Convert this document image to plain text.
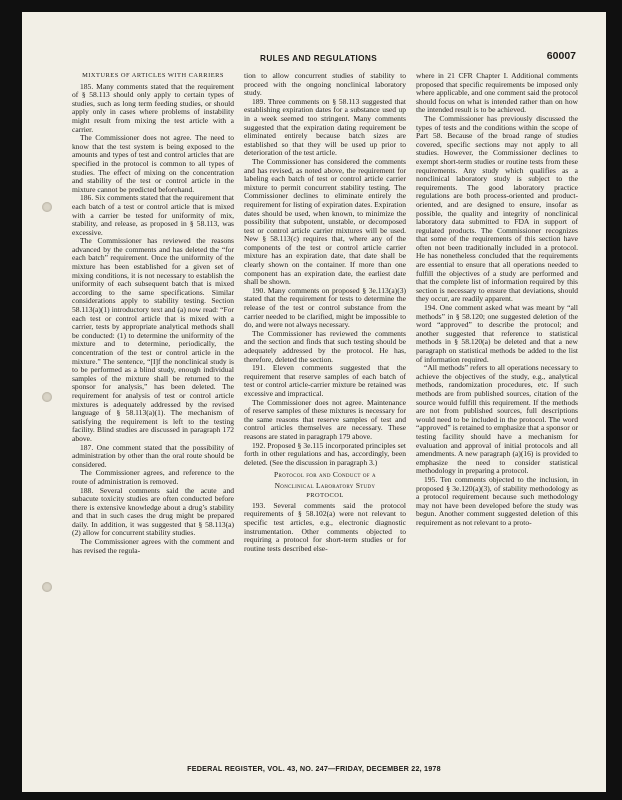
RULES AND REGULATIONS	60007
MIXTURES OF ARTICLES WITH CARRIERS

185. Many comments stated that the requirement of § 58.113 should only apply to certain types of studies, such as long term feeding studies, or should apply only in cases where problems of instability might result from mixing the test article with a carrier.

The Commissioner does not agree. The need to know that the test system is being exposed to the amounts and types of test and control articles that are specified in the protocol is common to all types of studies. The effect of mixing on the concentration and stability of the test or control article in the mixture cannot be predicted beforehand.

186. Six comments stated that the requirement that each batch of a test or control article that is mixed with a carrier be tested for uniformity of mix, stability, and release, as proposed in § 58.113, was excessive.

The Commissioner has reviewed the reasons advanced by the comments and has deleted the “for each batch” requirement. Once the uniformity of the mixture has been established for a given set of mixing conditions, it is not necessary to establish the uniformity of each subsequent batch that is mixed according to the same specifications. Similar considerations apply to stability testing. Section 58.113(a)(1) introductory text and (a) now read: “For each test or control article that is mixed with a carrier, tests by appropriate analytical methods shall be conducted: (1) to determine the uniformity of the mixture and to determine, periodically, the concentration of the test or control article in the mixture.” The sentence, “[I]f the nonclinical study is to be performed as a blind study, enough individual samples of the mixture shall be returned to the sponsor for analysis,” has been deleted. The requirement for analysis of test or control article mixtures is adequately addressed by the revised language of § 58.113(a)(1). The mechanism of satisfying the requirement is left to the testing facility. Blind studies are discussed in paragraph 172 above.

187. One comment stated that the possibility of administration by other than the oral route should be considered.

The Commissioner agrees, and reference to the route of administration is removed.

188. Several comments said the acute and subacute toxicity studies are often conducted before there is extensive knowledge about a drug’s stability and that in such cases the drug might be prepared daily. In addition, it was suggested that § 58.113(a)(2) allow for concurrent stability studies.

The Commissioner agrees with the comment and has revised the regula-

tion to allow concurrent studies of stability to proceed with the ongoing nonclinical laboratory study.

189. Three comments on § 58.113 suggested that establishing expiration dates for a substance used up in a week seemed too stringent. Many comments suggested that the expiration dating requirement be eliminated entirely because batch sizes are established so that they will be used up prior to deterioration of the test article.

The Commissioner has considered the comments and has revised, as noted above, the requirement for labeling each batch of test or control article carrier mixture to permit concurrent stability testing. The Commissioner declines to eliminate entirely the requirement for listing of expiration dates. Expiration dates should be used, when known, to minimize the possibility that subpotent, unstable, or decomposed test or control article carrier mixtures will be used. New § 58.113(c) requires that, where any of the components of the test or control article carrier mixture has an expiration date, that date shall be clearly shown on the container. If more than one component has an expiration date, the earliest date shall be shown.

190. Many comments on proposed § 3e.113(a)(3) stated that the requirement for tests to determine the release of the test or control substance from the carrier needed to be clarified, might be impossible to do, and were not always necessary.

The Commissioner has reviewed the comments and the section and finds that such testing should be adequately addressed by the protocol. He has, therefore, deleted the section.

191. Eleven comments suggested that the requirement that reserve samples of each batch of test or control article-carrier mixture be retained was excessive and impractical.

The Commissioner does not agree. Maintenance of reserve samples of these mixtures is necessary for the same reasons that reserve samples of test and control articles themselves are necessary. These reasons are stated in paragraph 179 above.

192. Proposed § 3e.115 incorporated principles set forth in other regulations and has, accordingly, been deleted. (See the discussion in paragraph 3.)

Protocol for and Conduct of a
Nonclinical Laboratory Study
PROTOCOL

193. Several comments said the protocol requirements of § 58.102(a) were not relevant to specific test articles, e.g., electronic diagnostic instrumentation. Other comments objected to requiring a protocol for short-term studies or for routine tests described else-

where in 21 CFR Chapter I. Additional comments proposed that specific requirements be imposed only where applicable, and one comment said the protocol should focus on what is intended rather than on how the intended result is to be achieved.

The Commissioner has previously discussed the types of tests and the conditions within the scope of Part 58. Because of the broad range of studies covered, specific sections may not apply to all studies. However, the Commissioner declines to exempt short-term studies or routine tests from these requirements. Any study which qualifies as a nonclinical laboratory study is subject to the requirements. The good laboratory practice regulations are both process-oriented and product-oriented, and are designed to ensure, insofar as possible, the quality and integrity of nonclinical laboratory data submitted to FDA in support of regulated products. The Commissioner recognizes that some of the requirements of this section have often not been traditionally included in a protocol. He has nonetheless concluded that the requirements are essential to ensure that all operations needed to fulfill the objectives of a study are performed and that the complete list of information required by this section is necessary to ensure that deviations, should they occur, are readily apparent.

194. One comment asked what was meant by “all methods” in § 58.120; one suggested deletion of the word “approved” to describe the protocol; and another suggested that reference to statistical methods in § 58.120(a) be deleted and that a new paragraph on statistical methods be added to the list of information required.

“All methods” refers to all operations necessary to achieve the objectives of the study, e.g., analytical methods, randomization procedures, etc. If such methods are from published sources, citation of the source would fulfill this requirement. If the methods are not from published sources, full descriptions would need to be included in the protocol. The word “approved” is retained to emphasize that a sponsor or testing facility should have a mechanism for evaluation and approval of initial protocols and all amendments. A new paragraph (a)(16) is provided to emphasize the need to consider statistical methodology in preparing a protocol.

195. Ten comments objected to the inclusion, in proposed § 3e.120(a)(3), of stability methodology as a protocol requirement because such methodology may not have been developed before the study was begun. Another comment suggested deletion of this requirement as not relevant to a proto-

FEDERAL REGISTER, VOL. 43, NO. 247—FRIDAY, DECEMBER 22, 1978
